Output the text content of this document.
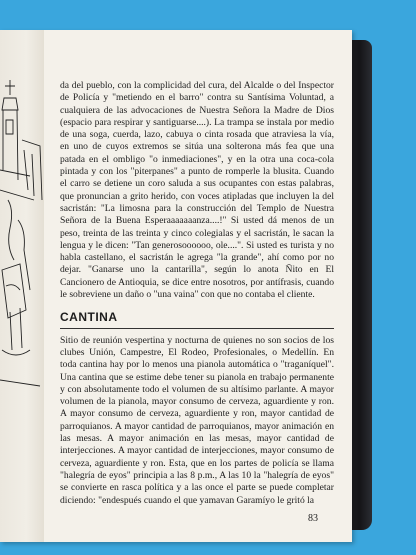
da del pueblo, con la complicidad del cura, del Alcalde o del Inspector de Policía y "metiendo en el barro" contra su Santísima Voluntad, a cualquiera de las advocaciones de Nuestra Señora la Madre de Dios (espacio para respirar y santiguarse....). La trampa se instala por medio de una soga, cuerda, lazo, cabuya o cinta rosada que atraviesa la vía, en uno de cuyos extremos se sitúa una solterona más fea que una patada en el ombligo "o inmediaciones", y en la otra una coca-cola pintada y con los "piterpanes" a punto de romperle la blusita. Cuando el carro se detiene un coro saluda a sus ocupantes con estas palabras, que pronuncian a grito herido, con voces atipladas que incluyen la del sacristán: "La limosna para la construcción del Templo de Nuestra Señora de la Buena Esperaaaaaaanza....!" Si usted dá menos de un peso, treinta de las treinta y cinco colegialas y el sacristán, le sacan la lengua y le dicen: "Tan generosoooooo, ole....". Si usted es turista y no habla castellano, el sacristán le agrega "la grande", ahí como por no dejar. "Ganarse uno la cantarilla", según lo anota Ñito en El Cancionero de Antioquia, se dice entre nosotros, por antífrasis, cuando le sobreviene un daño o "una vaina" con que no contaba el cliente.

CANTINA

Sitio de reunión vespertina y nocturna de quienes no son socios de los clubes Unión, Campestre, El Rodeo, Profesionales, o Medellín. En toda cantina hay por lo menos una pianola automática o "traganíquel". Una cantina que se estime debe tener su pianola en trabajo permanente y con absolutamente todo el volumen de su altísimo parlante. A mayor volumen de la pianola, mayor consumo de cerveza, aguardiente y ron. A mayor consumo de cerveza, aguardiente y ron, mayor cantidad de parroquianos. A mayor cantidad de parroquianos, mayor animación en las mesas. A mayor animación en las mesas, mayor cantidad de interjecciones. A mayor cantidad de interjecciones, mayor consumo de cerveza, aguardiente y ron. Esta, que en los partes de policía se llama "halegría de eyos" principia a las 8 p.m., A las 10 la "halegría de eyos" se convierte en rasca política y a las once el parte se puede completar diciendo: "endespués cuando el que yamavan Garamíyo le gritó la

83
